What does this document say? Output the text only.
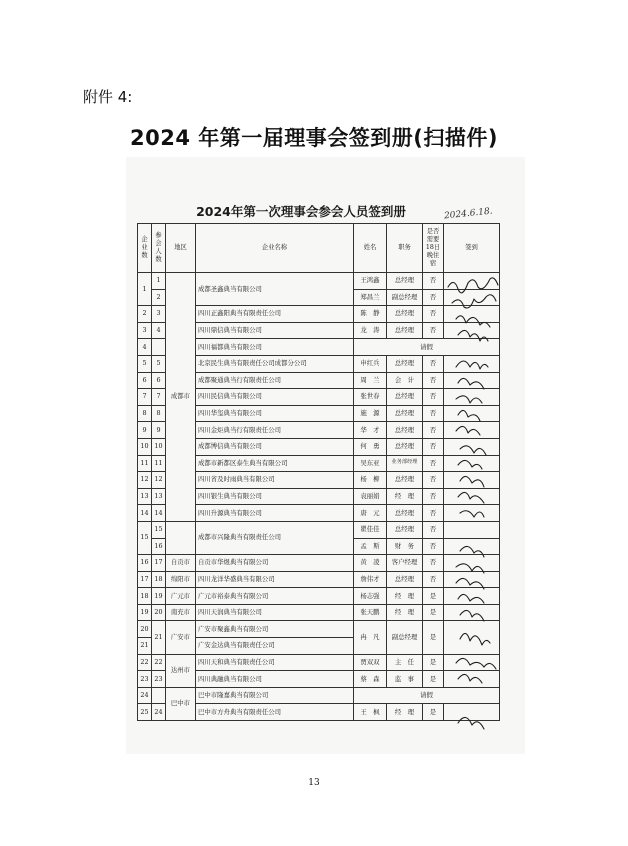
附件 4:
2024 年第一届理事会签到册(扫描件)
2024年第一次理事会参会人员签到册	2024.6.18.
企业数	参会人数	地区	企业名称	姓名	职务	是否需要18日晚住宿	签到
1	1	成都市	成都圣鑫典当有限公司	王鸿鑫	总经理	否	
	2			郑昌兰	副总经理	否	
2	3		四川正鑫阳典当有限责任公司	陈　静	总经理	否	
3	4		四川鼎信典当有限公司	龙　涛	总经理	否	
4			四川福都典当有限公司	请假			
5	5		北京民生典当有限责任公司成都分公司	申红兵	总经理	否	
6	6		成都聚通典当行有限责任公司	周　兰	会　计	否	
7	7		四川民信典当有限公司	张世春	总经理	否	
8	8		四川华玺典当有限公司	施　源	总经理	否	
9	9		四川金炬典当行有限责任公司	华　才	总经理	否	
10	10		成都博信典当有限公司	何　勇	总经理	否	
11	11		成都市新都区泰生典当有限公司	吴东亚	业务部经理	否	
12	12		四川省及时雨典当有限公司	杨　柳	总经理	否	
13	13		四川银生典当有限公司	袁丽娟	经　理	否	
14	14		四川升源典当有限公司	唐　元	总经理	否	
15	15		成都市兴隆典当有限责任公司	瞿佳佳	总经理	否	
	16			孟　斯	财　务	否	
16	17	自贡市	自贡市华煜典当有限公司	黄　凌	客户经理	否	
17	18	绵阳市	四川龙洋华盛典当有限公司	詹伟才	总经理	否	
18	19	广元市	广元市裕泰典当有限公司	杨志强	经　理	是	
19	20	南充市	四川天润典当有限公司	张天鹏	经　理	是	
20	21	广安市	广安市聚鑫典当有限公司	冉　凡	副总经理	是	
21			广安金达典当有限责任公司				
22	22	达州市	四川天和典当有限责任公司	贾双双	主　任	是	
23	23		四川典融典当有限公司	蔡　森	监　事	是	
24		巴中市	巴中市隆嘉典当有限公司	请假			
25	24		巴中市方舟典当有限责任公司	王　枫	经　理	是	
13
